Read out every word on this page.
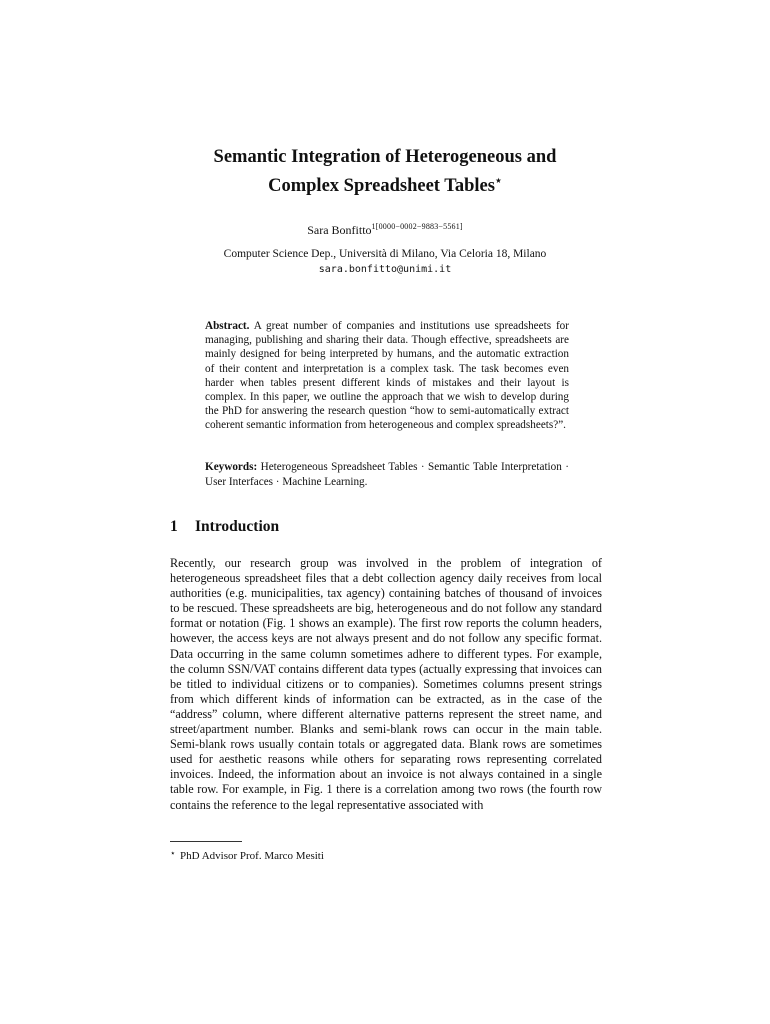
Semantic Integration of Heterogeneous and
Complex Spreadsheet Tables⋆
Sara Bonfitto$^{1[0000-0002-9883-5561]}$
Computer Science Dep., Università di Milano, Via Celoria 18, Milano
sara.bonfitto@unimi.it
Abstract. A great number of companies and institutions use spreadsheets for managing, publishing and sharing their data. Though effective, spreadsheets are mainly designed for being interpreted by humans, and the automatic extraction of their content and interpretation is a complex task. The task becomes even harder when tables present different kinds of mistakes and their layout is complex. In this paper, we outline the approach that we wish to develop during the PhD for answering the research question “how to semi-automatically extract coherent semantic information from heterogeneous and complex spreadsheets?”.
Keywords: Heterogeneous Spreadsheet Tables · Semantic Table Interpretation · User Interfaces · Machine Learning.
1 Introduction
Recently, our research group was involved in the problem of integration of heterogeneous spreadsheet files that a debt collection agency daily receives from local authorities (e.g. municipalities, tax agency) containing batches of thousand of invoices to be rescued. These spreadsheets are big, heterogeneous and do not follow any standard format or notation (Fig. 1 shows an example). The first row reports the column headers, however, the access keys are not always present and do not follow any specific format. Data occurring in the same column sometimes adhere to different types. For example, the column SSN/VAT contains different data types (actually expressing that invoices can be titled to individual citizens or to companies). Sometimes columns present strings from which different kinds of information can be extracted, as in the case of the “address” column, where different alternative patterns represent the street name, and street/apartment number. Blanks and semi-blank rows can occur in the main table. Semi-blank rows usually contain totals or aggregated data. Blank rows are sometimes used for aesthetic reasons while others for separating rows representing correlated invoices. Indeed, the information about an invoice is not always contained in a single table row. For example, in Fig. 1 there is a correlation among two rows (the fourth row contains the reference to the legal representative associated with
⋆ PhD Advisor Prof. Marco Mesiti
